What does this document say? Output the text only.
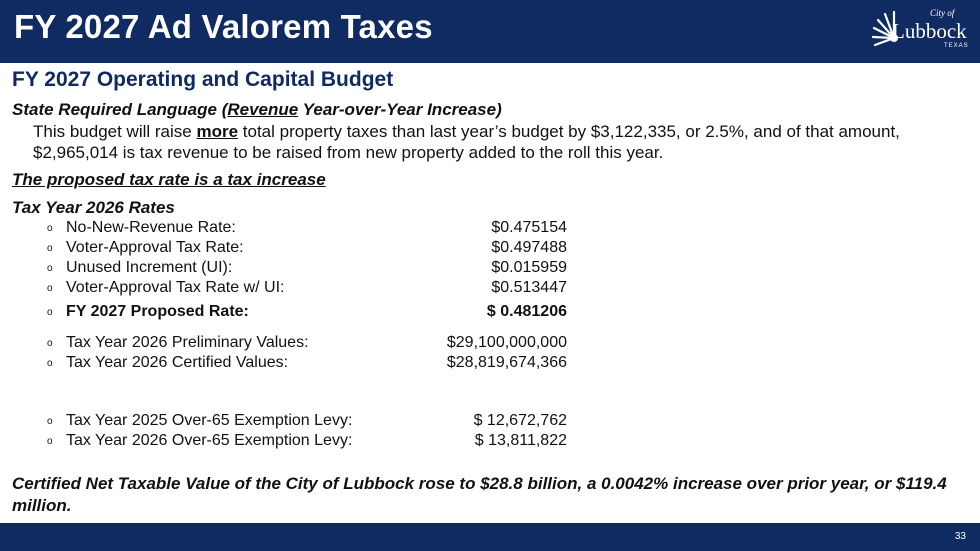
FY 2027 Ad Valorem Taxes	City of
Lubbock
TEXAS
FY 2027 Operating and Capital Budget
State Required Language (Revenue Year-over-Year Increase)
This budget will raise more total property taxes than last year’s budget by $3,122,335, or 2.5%, and of that amount, $2,965,014 is tax revenue to be raised from new property added to the roll this year.
The proposed tax rate is a tax increase
Tax Year 2026 Rates
o No-New-Revenue Rate:	$0.475154
o Voter-Approval Tax Rate:	$0.497488
o Unused Increment (UI):	$0.015959
o Voter-Approval Tax Rate w/ UI:	$0.513447
o FY 2027 Proposed Rate:	$ 0.481206
o Tax Year 2026 Preliminary Values:	$29,100,000,000
o Tax Year 2026 Certified Values:	$28,819,674,366
o Tax Year 2025 Over-65 Exemption Levy:	$ 12,672,762
o Tax Year 2026 Over-65 Exemption Levy:	$ 13,811,822
Certified Net Taxable Value of the City of Lubbock rose to $28.8 billion, a 0.0042% increase over prior year, or $119.4 million.
33
